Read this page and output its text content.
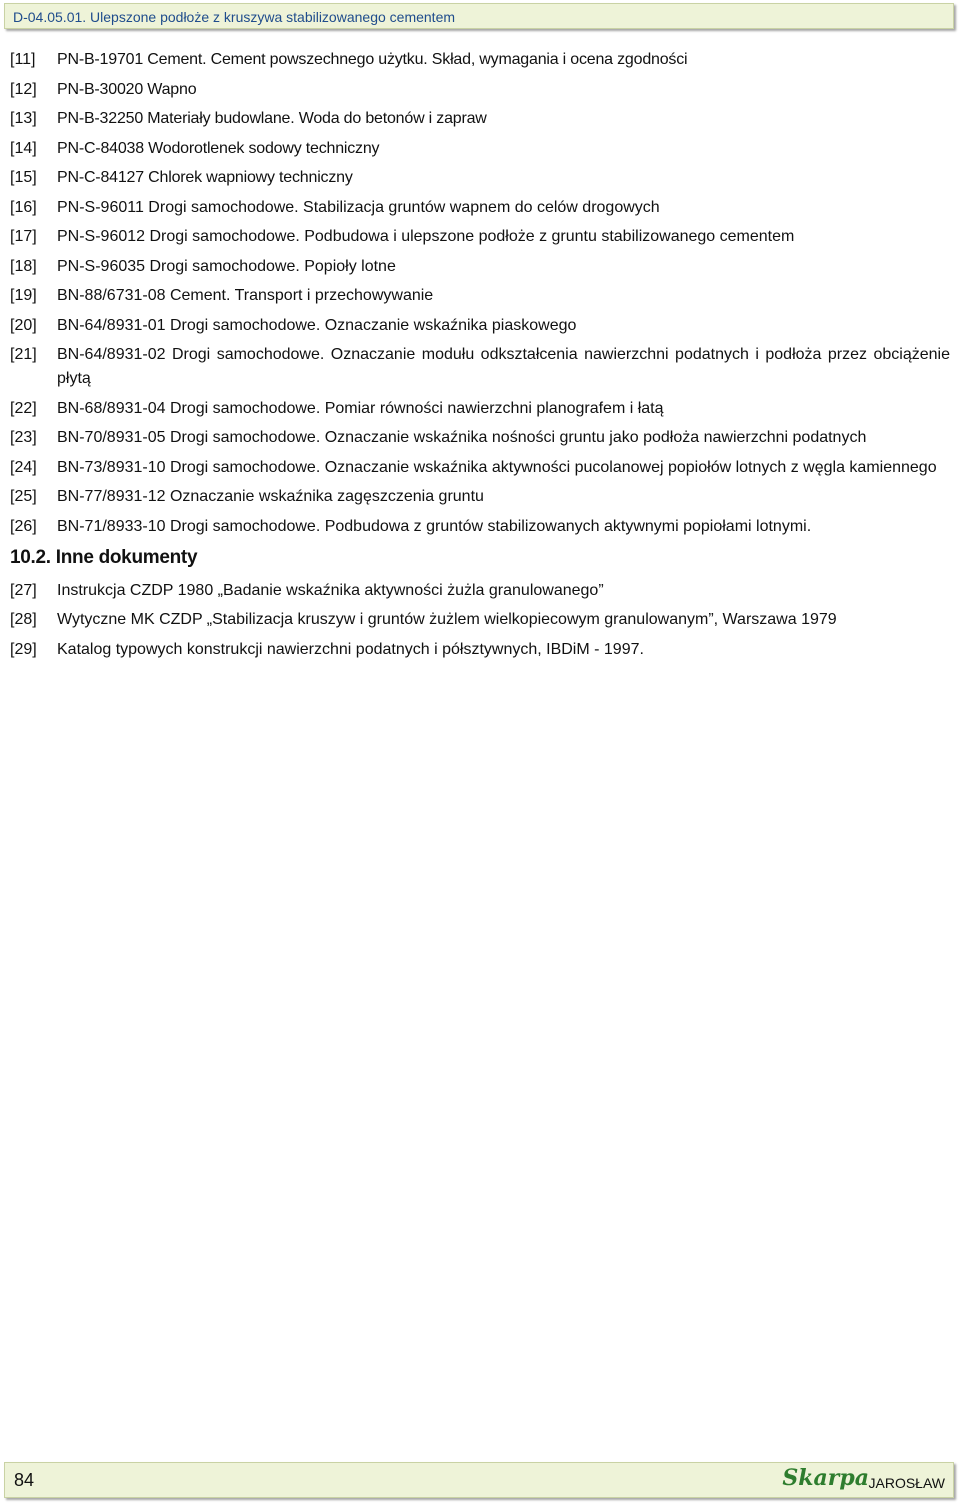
D-04.05.01. Ulepszone podłoże z kruszywa stabilizowanego cementem
[11]	PN-B-19701 Cement. Cement powszechnego użytku. Skład, wymagania i ocena zgodności
[12]	PN-B-30020 Wapno
[13]	PN-B-32250 Materiały budowlane. Woda do betonów i zapraw
[14]	PN-C-84038 Wodorotlenek sodowy techniczny
[15]	PN-C-84127 Chlorek wapniowy techniczny
[16]	PN-S-96011 Drogi samochodowe. Stabilizacja gruntów wapnem do celów drogowych
[17]	PN-S-96012 Drogi samochodowe. Podbudowa i ulepszone podłoże z gruntu stabilizowanego cementem
[18]	PN-S-96035 Drogi samochodowe. Popioły lotne
[19]	BN-88/6731-08 Cement. Transport i przechowywanie
[20]	BN-64/8931-01 Drogi samochodowe. Oznaczanie wskaźnika piaskowego
[21]	BN-64/8931-02 Drogi samochodowe. Oznaczanie modułu odkształcenia nawierzchni podatnych i podłoża przez obciążenie płytą
[22]	BN-68/8931-04 Drogi samochodowe. Pomiar równości nawierzchni planografem i łatą
[23]	BN-70/8931-05 Drogi samochodowe. Oznaczanie wskaźnika nośności gruntu jako podłoża nawierzchni podatnych
[24]	BN-73/8931-10 Drogi samochodowe. Oznaczanie wskaźnika aktywności pucolanowej popiołów lotnych z węgla kamiennego
[25]	BN-77/8931-12 Oznaczanie wskaźnika zagęszczenia gruntu
[26]	BN-71/8933-10 Drogi samochodowe. Podbudowa z gruntów stabilizowanych aktywnymi popiołami lotnymi.
10.2. Inne dokumenty
[27]	Instrukcja CZDP 1980 „Badanie wskaźnika aktywności żużla granulowanego”
[28]	Wytyczne MK CZDP „Stabilizacja kruszyw i gruntów żużlem wielkopiecowym granulowanym”, Warszawa 1979
[29]	Katalog typowych konstrukcji nawierzchni podatnych i półsztywnych, IBDiM - 1997.
84	Skarpa JAROSŁAW
